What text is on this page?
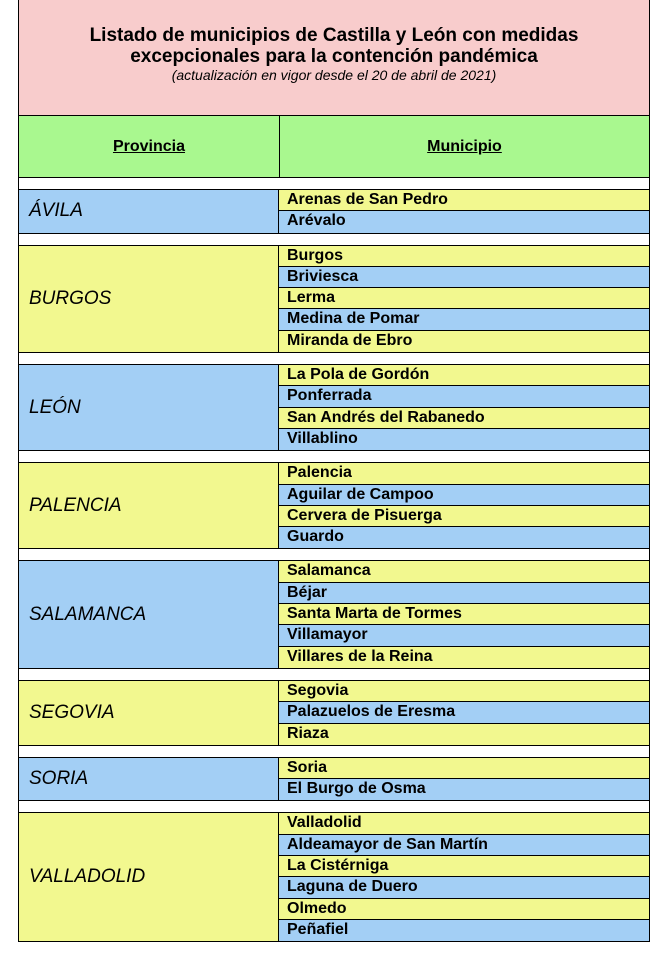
Listado de municipios de Castilla y León con medidas
excepcionales para la contención pandémica
(actualización en vigor desde el 20 de abril de 2021)
Provincia	Municipio
ÁVILA
Arenas de San Pedro
Arévalo
BURGOS
Burgos
Briviesca
Lerma
Medina de Pomar
Miranda de Ebro
LEÓN
La Pola de Gordón
Ponferrada
San Andrés del Rabanedo
Villablino
PALENCIA
Palencia
Aguilar de Campoo
Cervera de Pisuerga
Guardo
SALAMANCA
Salamanca
Béjar
Santa Marta de Tormes
Villamayor
Villares de la Reina
SEGOVIA
Segovia
Palazuelos de Eresma
Riaza
SORIA
Soria
El Burgo de Osma
VALLADOLID
Valladolid
Aldeamayor de San Martín
La Cistérniga
Laguna de Duero
Olmedo
Peñafiel
